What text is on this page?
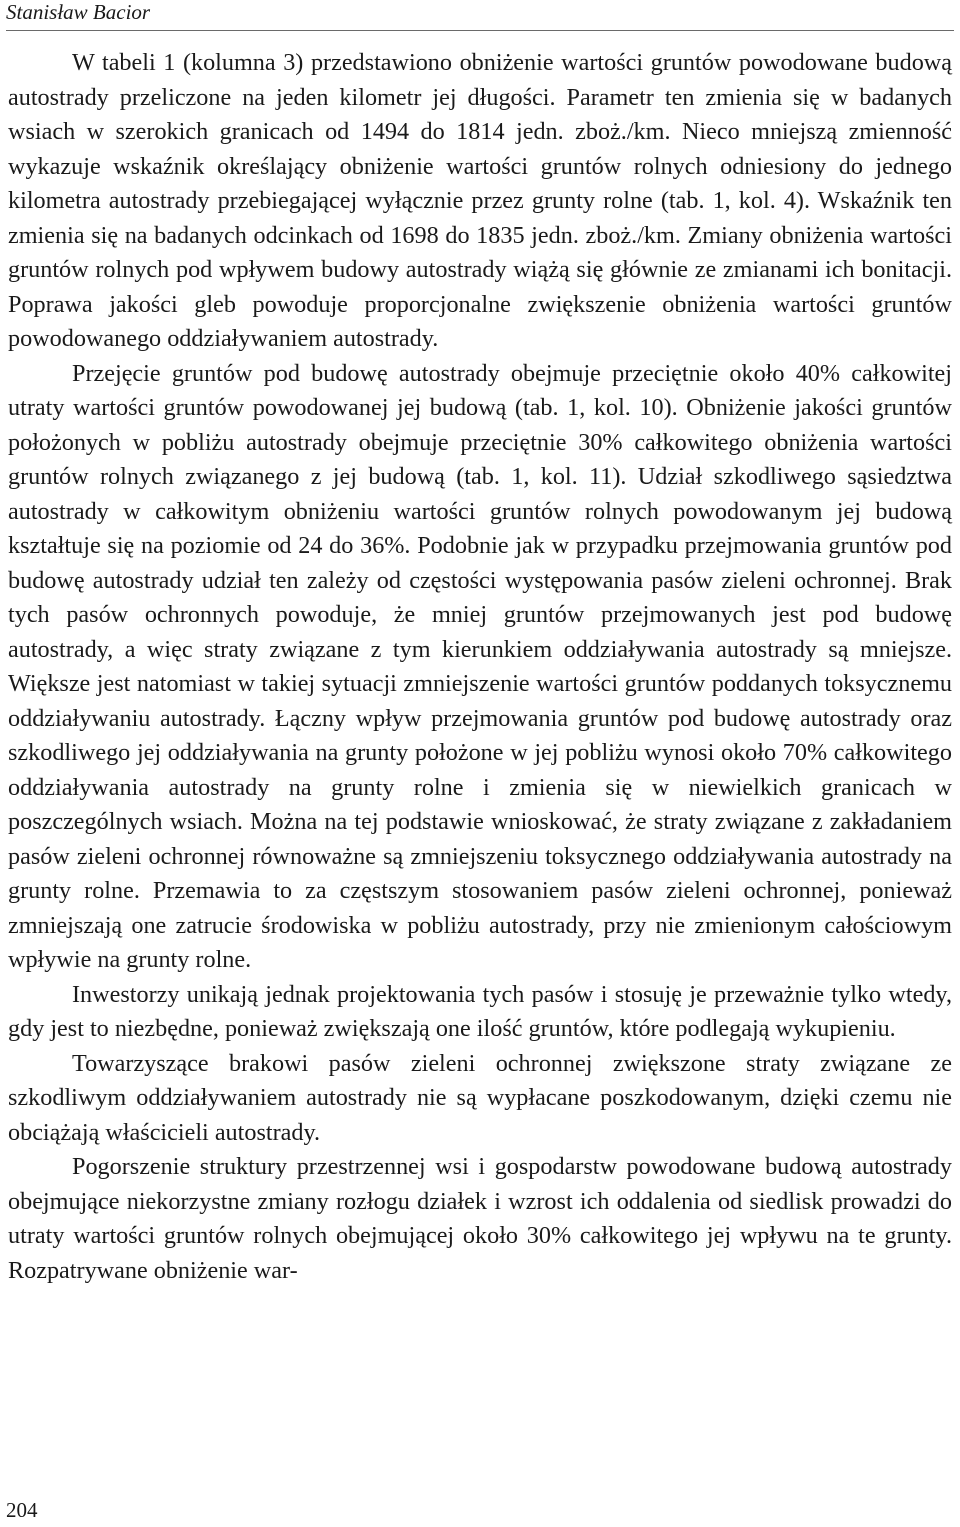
Stanisław Bacior

W tabeli 1 (kolumna 3) przedstawiono obniżenie wartości gruntów powodowane budową autostrady przeliczone na jeden kilometr jej długości. Parametr ten zmienia się w badanych wsiach w szerokich granicach od 1494 do 1814 jedn. zboż./km. Nieco mniejszą zmienność wykazuje wskaźnik określający obniżenie wartości gruntów rolnych odniesiony do jednego kilometra autostrady przebiegającej wyłącznie przez grunty rolne (tab. 1, kol. 4). Wskaźnik ten zmienia się na badanych odcinkach od 1698 do 1835 jedn. zboż./km. Zmiany obniżenia wartości gruntów rolnych pod wpływem budowy autostrady wiążą się głównie ze zmianami ich bonitacji. Poprawa jakości gleb powoduje proporcjonalne zwiększenie obniżenia wartości gruntów powodowanego oddziaływaniem autostrady.

Przejęcie gruntów pod budowę autostrady obejmuje przeciętnie około 40% całkowitej utraty wartości gruntów powodowanej jej budową (tab. 1, kol. 10). Obniżenie jakości gruntów położonych w pobliżu autostrady obejmuje przeciętnie 30% całkowitego obniżenia wartości gruntów rolnych związanego z jej budową (tab. 1, kol. 11). Udział szkodliwego sąsiedztwa autostrady w całkowitym obniżeniu wartości gruntów rolnych powodowanym jej budową kształtuje się na poziomie od 24 do 36%. Podobnie jak w przypadku przejmowania gruntów pod budowę autostrady udział ten zależy od częstości występowania pasów zieleni ochronnej. Brak tych pasów ochronnych powoduje, że mniej gruntów przejmowanych jest pod budowę autostrady, a więc straty związane z tym kierunkiem oddziaływania autostrady są mniejsze. Większe jest natomiast w takiej sytuacji zmniejszenie wartości gruntów poddanych toksycznemu oddziaływaniu autostrady. Łączny wpływ przejmowania gruntów pod budowę autostrady oraz szkodliwego jej oddziaływania na grunty położone w jej pobliżu wynosi około 70% całkowitego oddziaływania autostrady na grunty rolne i zmienia się w niewielkich granicach w poszczególnych wsiach. Można na tej podstawie wnioskować, że straty związane z zakładaniem pasów zieleni ochronnej równoważne są zmniejszeniu toksycznego oddziaływania autostrady na grunty rolne. Przemawia to za częstszym stosowaniem pasów zieleni ochronnej, ponieważ zmniejszają one zatrucie środowiska w pobliżu autostrady, przy nie zmienionym całościowym wpływie na grunty rolne.

Inwestorzy unikają jednak projektowania tych pasów i stosuję je przeważnie tylko wtedy, gdy jest to niezbędne, ponieważ zwiększają one ilość gruntów, które podlegają wykupieniu.

Towarzyszące brakowi pasów zieleni ochronnej zwiększone straty związane ze szkodliwym oddziaływaniem autostrady nie są wypłacane poszkodowanym, dzięki czemu nie obciążają właścicieli autostrady.

Pogorszenie struktury przestrzennej wsi i gospodarstw powodowane budową autostrady obejmujące niekorzystne zmiany rozłogu działek i wzrost ich oddalenia od siedlisk prowadzi do utraty wartości gruntów rolnych obejmującej około 30% całkowitego jej wpływu na te grunty. Rozpatrywane obniżenie war-

204
